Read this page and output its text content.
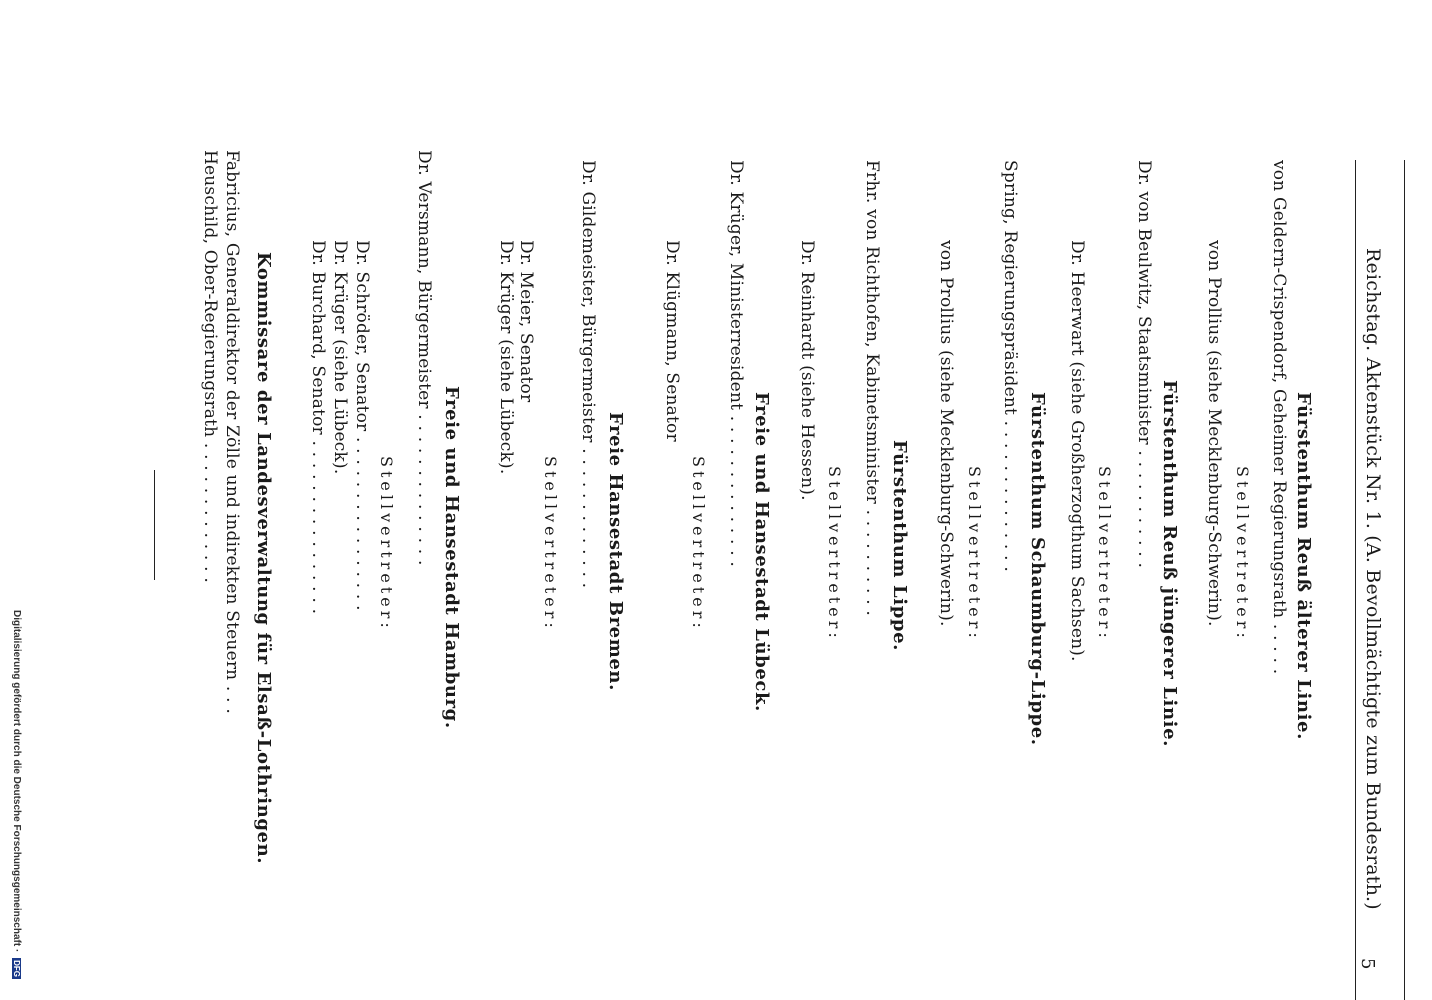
Reichstag. Aktenstück Nr. 1. (A. Bevollmächtigte zum Bundesrath.)
5
Fürstenthum Reuß älterer Linie.
von Geldern-Crispendorf, Geheimer Regierungsrath . . . . .
Stellvertreter:
von Prollius (siehe Mecklenburg-Schwerin).
Fürstenthum Reuß jüngerer Linie.
Dr. von Beulwitz, Staatsminister . . . . . . . . . . .
Stellvertreter:
Dr. Heerwart (siehe Großherzogthum Sachsen).
Fürstenthum Schaumburg-Lippe.
Spring, Regierungspräsident . . . . . . . . . . . . . .
Stellvertreter:
von Prollius (siehe Mecklenburg-Schwerin).
Fürstenthum Lippe.
Frhr. von Richthofen, Kabinetsminister . . . . . . . . . .
Stellvertreter:
Dr. Reinhardt (siehe Hessen).
Freie und Hansestadt Lübeck.
Dr. Krüger, Ministerresident . . . . . . . . . . . . . .
Stellvertreter:
Dr. Klügmann, Senator
Freie Hansestadt Bremen.
Dr. Gildemeister, Bürgermeister . . . . . . . . . . . . .
Stellvertreter:
Dr. Meier, Senator
Dr. Krüger (siehe Lübeck).
Freie und Hansestadt Hamburg.
Dr. Versmann, Bürgermeister . . . . . . . . . . . . . .
Stellvertreter:
Dr. Schröder, Senator . . . . . . . . . . . . . . . .
Dr. Krüger (siehe Lübeck).
Dr. Burchard, Senator . . . . . . . . . . . . . . . .
Kommissare der Landesverwaltung für Elsaß-Lothringen.
Fabricius, Generaldirektor der Zölle und indirekten Steuern . . .
Heuschild, Ober-Regierungsrath . . . . . . . . . . . . .
Digitalisierung gefördert durch die Deutsche Forschungsgemeinschaft · DFG
